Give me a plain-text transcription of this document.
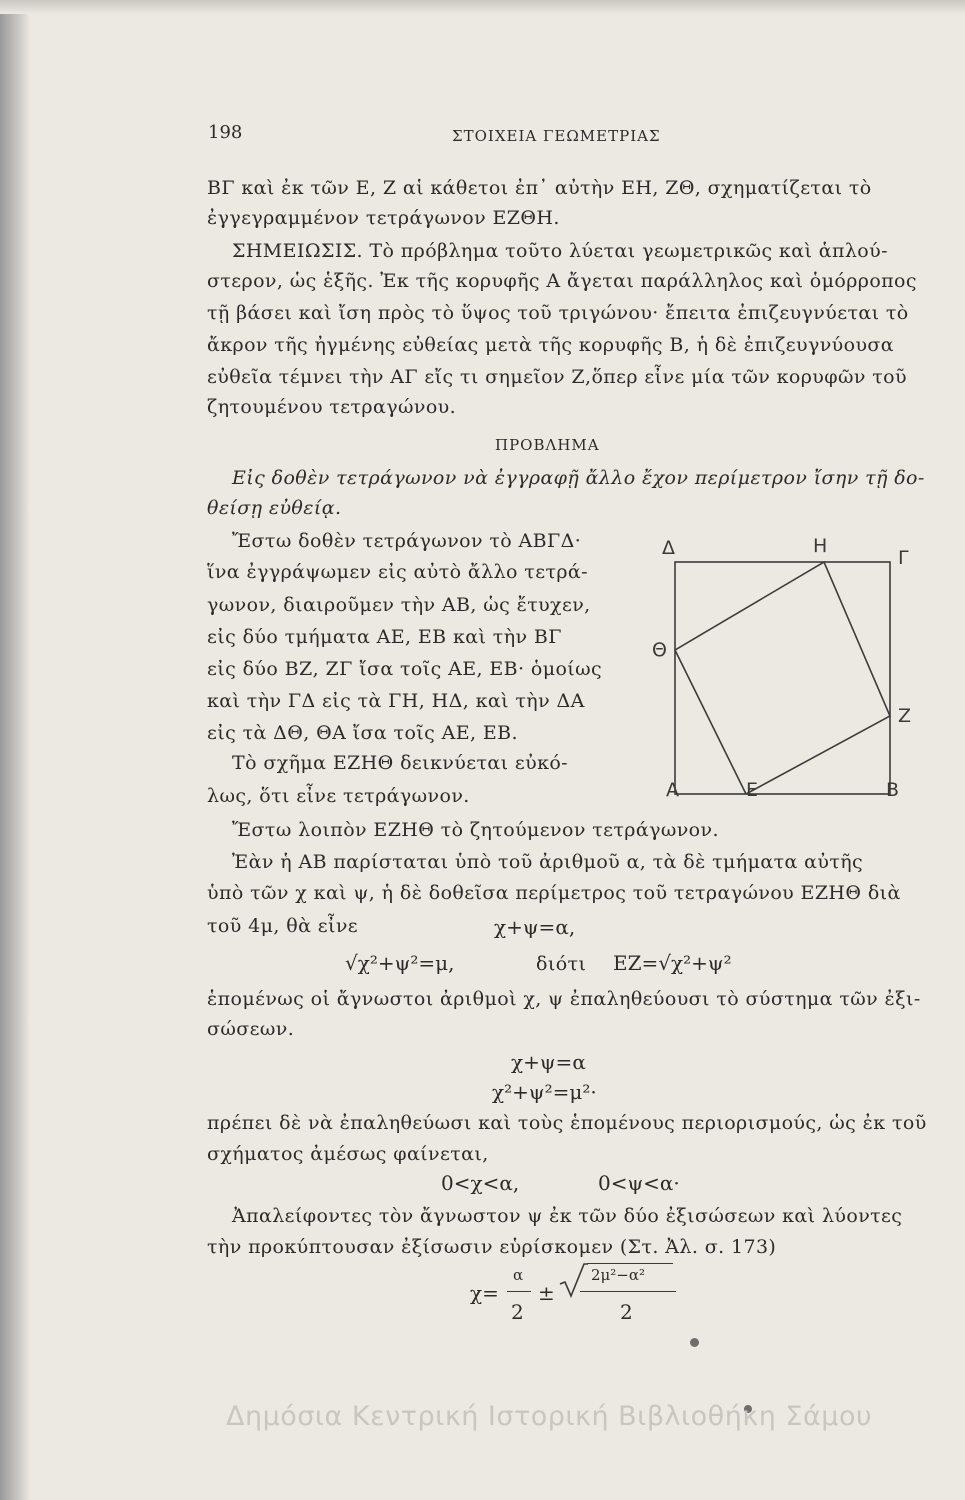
198	ΣΤΟΙΧΕΙΑ ΓΕΩΜΕΤΡΙΑΣ
ΒΓ καὶ ἐκ τῶν Ε, Ζ αἱ κάθετοι ἐπ᾽ αὐτὴν ΕΗ, ΖΘ, σχηματίζεται τὸ
ἐγγεγραμμένον τετράγωνον ΕΖΘΗ.
ΣΗΜΕΙΩΣΙΣ. Τὸ πρόβλημα τοῦτο λύεται γεωμετρικῶς καὶ ἁπλού-
στερον, ὡς ἑξῆς. Ἐκ τῆς κορυφῆς Α ἄγεται παράλληλος καὶ ὁμόρροπος
τῇ βάσει καὶ ἴση πρὸς τὸ ὕψος τοῦ τριγώνου· ἔπειτα ἐπιζευγνύεται τὸ
ἄκρον τῆς ἠγμένης εὐθείας μετὰ τῆς κορυφῆς Β, ἡ δὲ ἐπιζευγνύουσα
εὐθεῖα τέμνει τὴν ΑΓ εἴς τι σημεῖον Ζ,ὅπερ εἶνε μία τῶν κορυφῶν τοῦ
ζητουμένου τετραγώνου.
ΠΡΟΒΛΗΜΑ
Εἰς δοθὲν τετράγωνον νὰ ἐγγραφῇ ἄλλο ἔχον περίμετρον ἴσην τῇ δο-
θείσῃ εὐθείᾳ.
Ἔστω δοθὲν τετράγωνον τὸ ΑΒΓΔ·
ἵνα ἐγγράψωμεν εἰς αὐτὸ ἄλλο τετρά-
γωνον, διαιροῦμεν τὴν ΑΒ, ὡς ἔτυχεν,
εἰς δύο τμήματα ΑΕ, ΕΒ καὶ τὴν ΒΓ
εἰς δύο ΒΖ, ΖΓ ἴσα τοῖς ΑΕ, ΕΒ· ὁμοίως
καὶ τὴν ΓΔ εἰς τὰ ΓΗ, ΗΔ, καὶ τὴν ΔΑ
εἰς τὰ ΔΘ, ΘΑ ἴσα τοῖς ΑΕ, ΕΒ.
Τὸ σχῆμα ΕΖΗΘ δεικνύεται εὐκό-
λως, ὅτι εἶνε τετράγωνον.
Δ	Η
Γ
Θ
Ζ
Α	Ε	Β
Ἔστω λοιπὸν ΕΖΗΘ τὸ ζητούμενον τετράγωνον.
Ἐὰν ἡ ΑΒ παρίσταται ὑπὸ τοῦ ἀριθμοῦ α, τὰ δὲ τμήματα αὐτῆς
ὑπὸ τῶν χ καὶ ψ, ἡ δὲ δοθεῖσα περίμετρος τοῦ τετραγώνου ΕΖΗΘ διὰ
τοῦ 4μ, θὰ εἶνε	χ+ψ=α,
√χ²+ψ²=μ,	διότι ΕΖ=√χ²+ψ²
ἑπομένως οἱ ἄγνωστοι ἀριθμοὶ χ, ψ ἐπαληθεύουσι τὸ σύστημα τῶν ἐξι-
σώσεων.
χ+ψ=α
χ²+ψ²=μ²·
πρέπει δὲ νὰ ἐπαληθεύωσι καὶ τοὺς ἑπομένους περιορισμούς, ὡς ἐκ τοῦ
σχήματος ἀμέσως φαίνεται,
0<χ<α,	0<ψ<α·
Ἀπαλείφοντες τὸν ἄγνωστον ψ ἐκ τῶν δύο ἐξισώσεων καὶ λύοντες
τὴν προκύπτουσαν ἐξίσωσιν εὑρίσκομεν (Στ. Ἀλ. σ. 173)
χ=
α
2
±
2μ²−α²
2
Δημόσια Κεντρική Ιστορική Βιβλιοθήκη Σάμου
